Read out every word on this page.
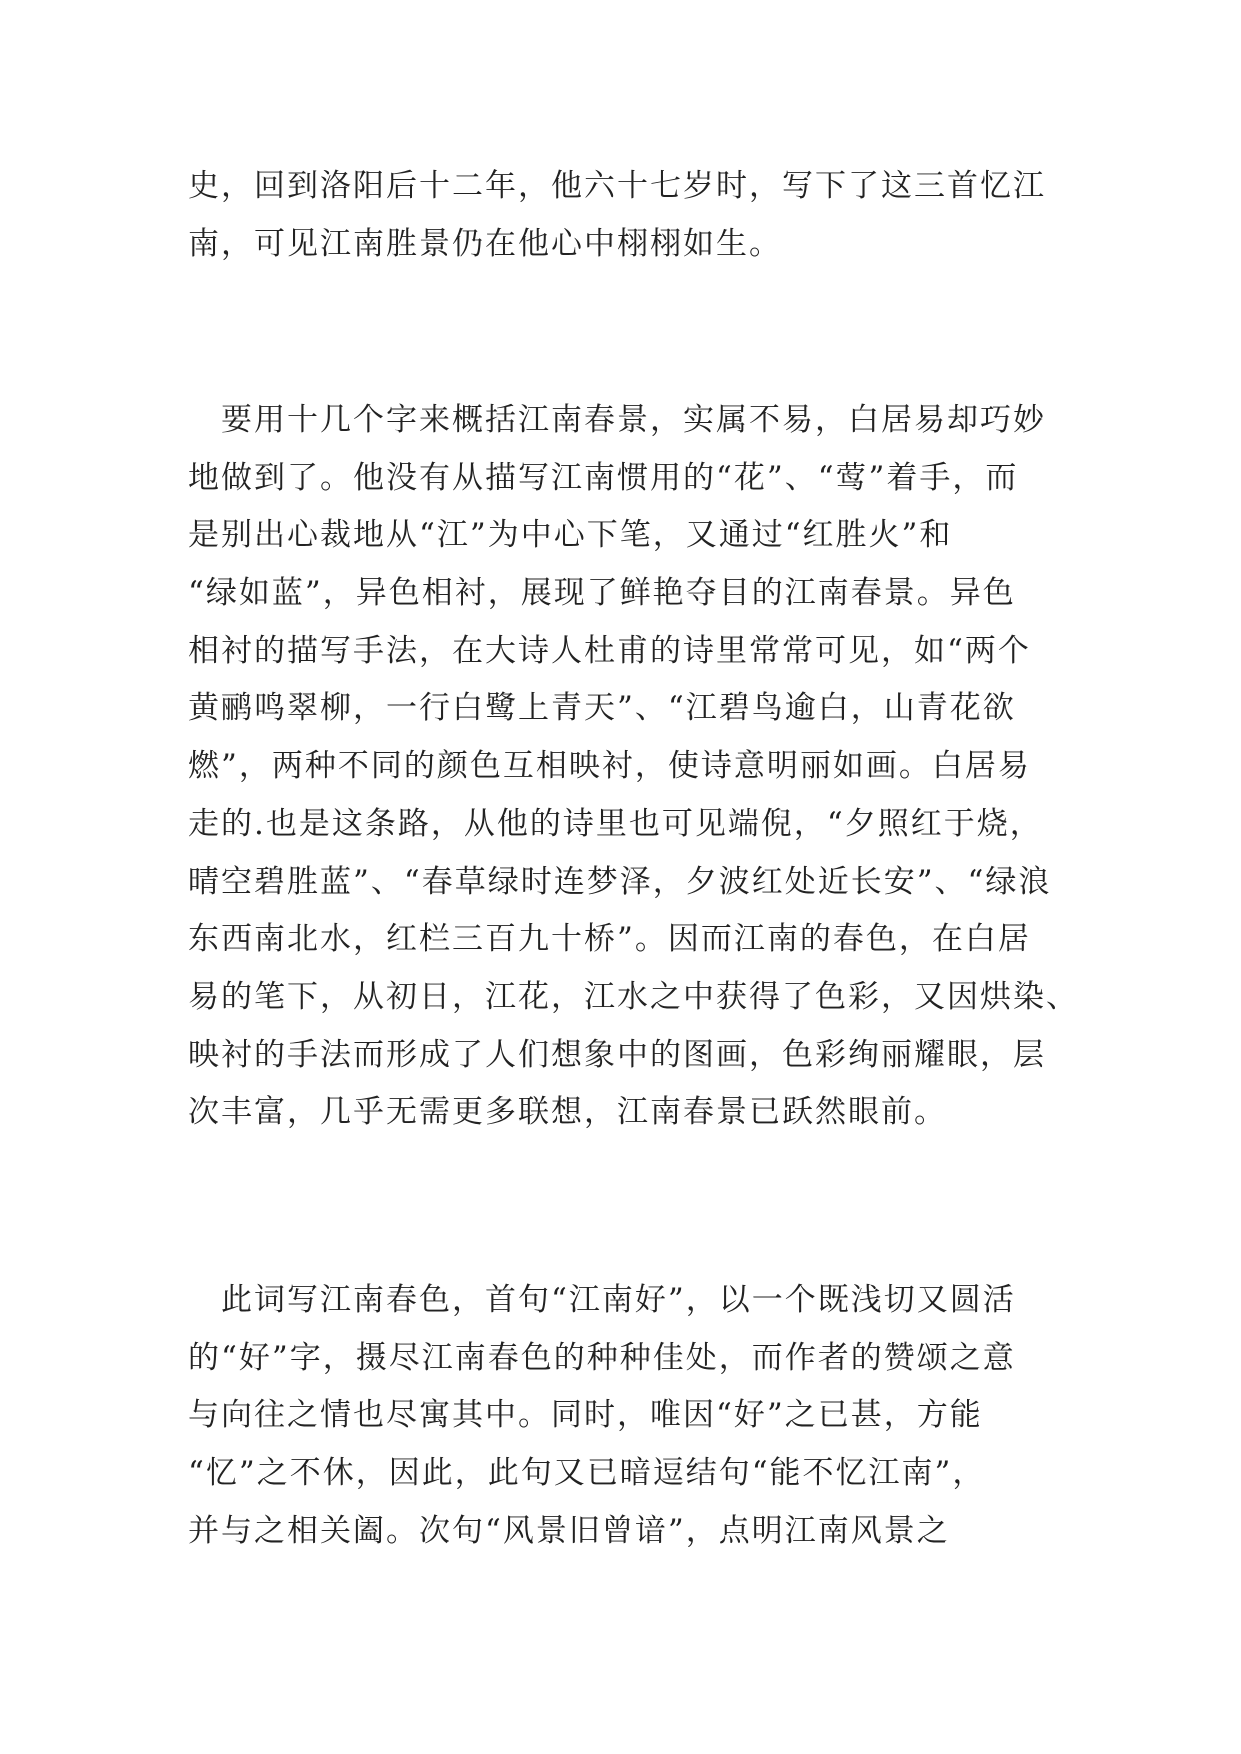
史，回到洛阳后十二年，他六十七岁时，写下了这三首忆江
南，可见江南胜景仍在他心中栩栩如生。
　要用十几个字来概括江南春景，实属不易，白居易却巧妙
地做到了。他没有从描写江南惯用的“花”、“莺”着手，而
是别出心裁地从“江”为中心下笔，又通过“红胜火”和
“绿如蓝”，异色相衬，展现了鲜艳夺目的江南春景。异色
相衬的描写手法，在大诗人杜甫的诗里常常可见，如“两个
黄鹂鸣翠柳，一行白鹭上青天”、“江碧鸟逾白，山青花欲
燃”，两种不同的颜色互相映衬，使诗意明丽如画。白居易
走的.也是这条路，从他的诗里也可见端倪，“夕照红于烧，
晴空碧胜蓝”、“春草绿时连梦泽，夕波红处近长安”、“绿浪
东西南北水，红栏三百九十桥”。因而江南的春色，在白居
易的笔下，从初日，江花，江水之中获得了色彩，又因烘染、
映衬的手法而形成了人们想象中的图画，色彩绚丽耀眼，层
次丰富，几乎无需更多联想，江南春景已跃然眼前。
　此词写江南春色，首句“江南好”，以一个既浅切又圆活
的“好”字，摄尽江南春色的种种佳处，而作者的赞颂之意
与向往之情也尽寓其中。同时，唯因“好”之已甚，方能
“忆”之不休，因此，此句又已暗逗结句“能不忆江南”，
并与之相关阖。次句“风景旧曾谙”，点明江南风景之
